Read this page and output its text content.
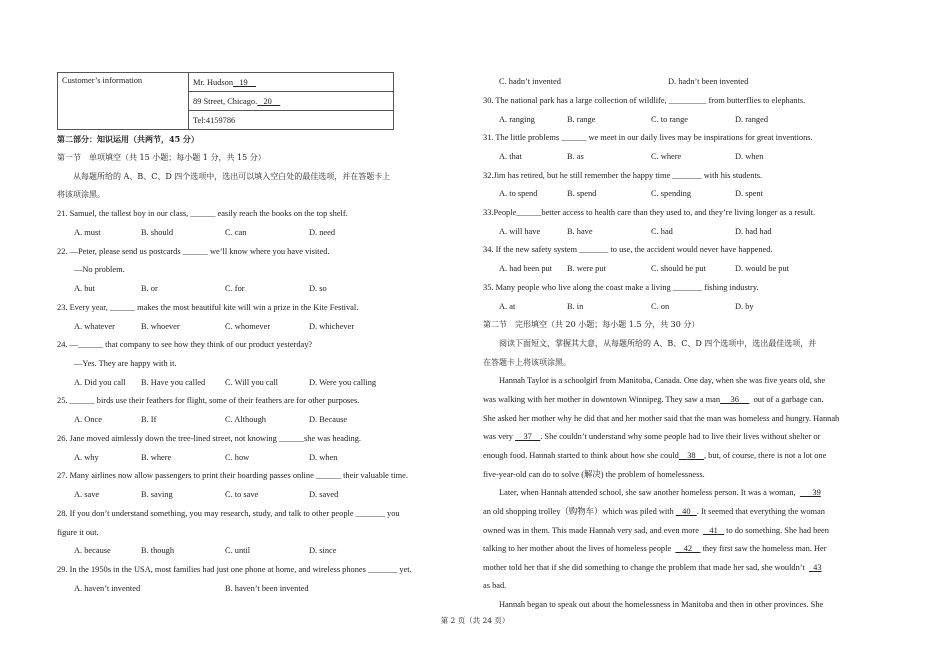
Customer’s information	Mr. Hudson 19
89 Street, Chicago. 20
Tel:4159786
第二部分：知识运用（共两节，45 分）
第一节　单项填空（共 15 小题；每小题 1 分，共 15 分）
从每题所给的 A、B、C、D 四个选项中，选出可以填入空白处的最佳选项，并在答题卡上
将该项涂黑。
21. Samuel, the tallest boy in our class, ______ easily reach the books on the top shelf.
A. must	B. should	C. can	D. need
22. —Peter, please send us postcards ______ we’ll know where you have visited.
—No problem.
A. but	B. or	C. for	D. so
23. Every year, ______ makes the most beautiful kite will win a prize in the Kite Festival.
A. whatever	B. whoever	C. whomever	D. whichever
24. —______ that company to see how they think of our product yesterday?
—Yes. They are happy with it.
A. Did you call B. Have you called C. Will you call	D. Were you calling
25. ______ birds use their feathers for flight, some of their feathers are for other purposes.
A. Once	B. If	C. Although	D. Because
26. Jane moved aimlessly down the tree-lined street, not knowing ______she was heading.
A. why	B. where	C. how	D. when
27. Many airlines now allow passengers to print their boarding passes online ______ their valuable time.
A. save	B. saving	C. to save	D. saved
28. If you don’t understand something, you may research, study, and talk to other people _______ you
figure it out.
A. because	B. though	C. until	D. since
29. In the 1950s in the USA, most families had just one phone at home, and wireless phones _______ yet.
A. haven’t invented	B. haven’t been invented
C. hadn’t invented	D. hadn’t been invented
30. The national park has a large collection of wildlife, _________ from butterflies to elephants.
A. ranging	B. range	C. to range	D. ranged
31. The little problems ______ we meet in our daily lives may be inspirations for great inventions.
A. that	B. as	C. where	D. when
32.Jim has retired, but he still remember the happy time _______ with his students.
A. to spend	B. spend	C. spending	D. spent
33.People______better access to health care than they used to, and they’re living longer as a result.
A. will have	B. have	C. had	D. had had
34. If the new safety system _______ to use, the accident would never have happened.
A. had been put B. were put	C. should be put	D. would be put
35. Many people who live along the coast make a living _______ fishing industry.
A. at	B. in	C. on	D. by
第二节　完形填空（共 20 小题；每小题 1.5 分，共 30 分）
阅读下面短文，掌握其大意，从每题所给的 A、B、C、D 四个选项中，选出最佳选项，并
在答题卡上将该项涂黑。
Hannah Taylor is a schoolgirl from Manitoba, Canada. One day, when she was five years old, she
was walking with her mother in downtown Winnipeg. They saw a man 36 out of a garbage can.
She asked her mother why he did that and her mother said that the man was homeless and hungry. Hannah
was very 37 . She couldn’t understand why some people had to live their lives without shelter or
enough food. Hannah started to think about how she could 38 , but, of course, there is not a lot one
five-year-old can do to solve (解决) the problem of homelessness.
Later, when Hannah attended school, she saw another homeless person. It was a woman, 39
an old shopping trolley（购物车）which was piled with 40 . It seemed that everything the woman
owned was in them. This made Hannah very sad, and even more 41 to do something. She had been
talking to her mother about the lives of homeless people 42 they first saw the homeless man. Her
mother told her that if she did something to change the problem that made her sad, she wouldn’t 43
as bad.
Hannah began to speak out about the homelessness in Manitoba and then in other provinces. She
第 2 页（共 24 页）
